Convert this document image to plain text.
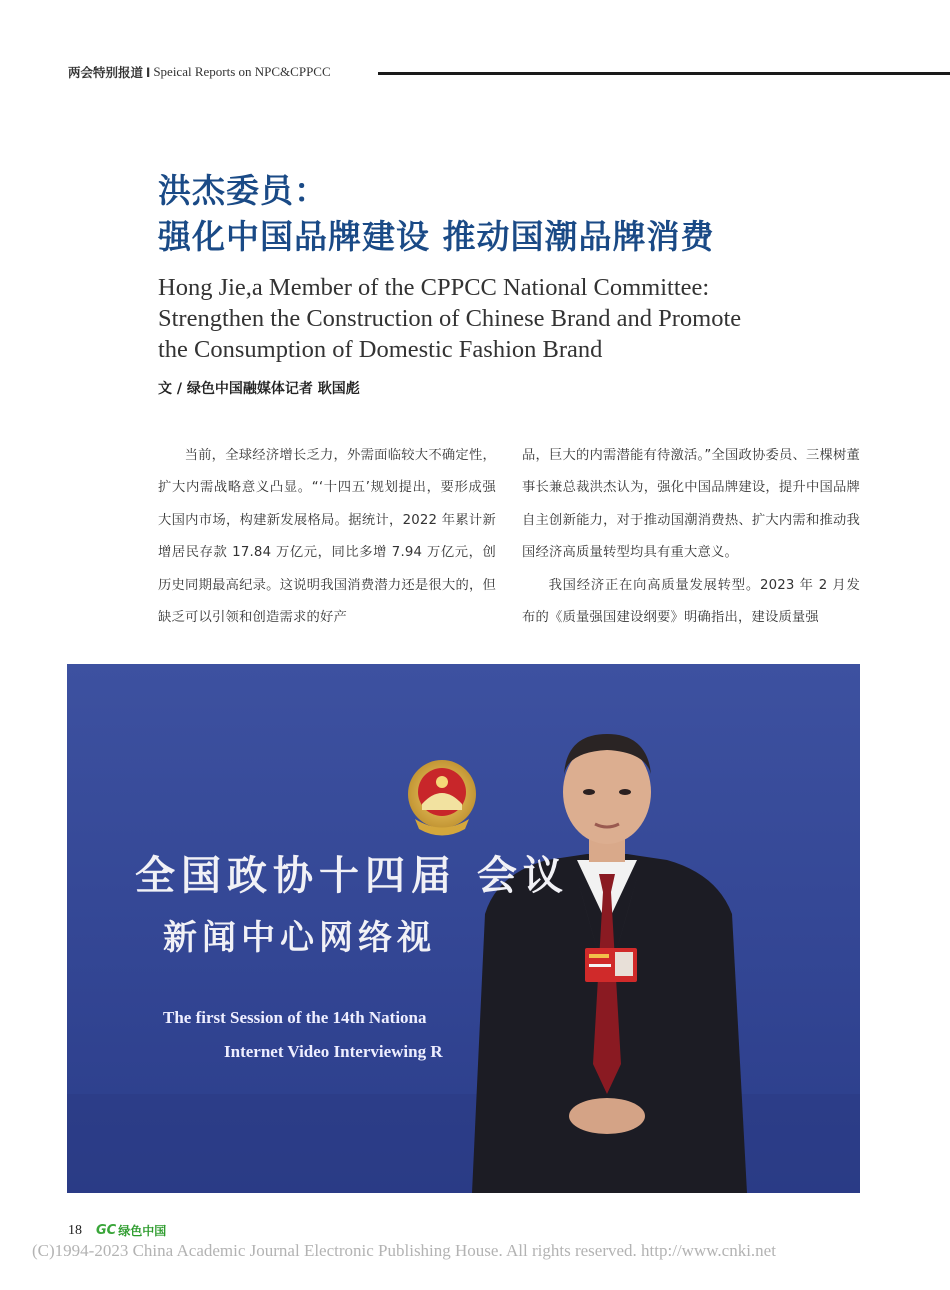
两会特别报道 l Speical Reports on NPC&CPPCC
洪杰委员：
强化中国品牌建设 推动国潮品牌消费
Hong Jie,a Member of the CPPCC National Committee:
Strengthen the Construction of Chinese Brand and Promote
the Consumption of Domestic Fashion Brand
文 / 绿色中国融媒体记者 耿国彪

当前，全球经济增长乏力，外需面临较大不确定性，扩大内需战略意义凸显。“‘十四五’规划提出，要形成强大国内市场，构建新发展格局。据统计，2022 年累计新增居民存款 17.84 万亿元，同比多增 7.94 万亿元，创历史同期最高纪录。这说明我国消费潜力还是很大的，但缺乏可以引领和创造需求的好产

品，巨大的内需潜能有待激活。”全国政协委员、三棵树董事长兼总裁洪杰认为，强化中国品牌建设，提升中国品牌自主创新能力，对于推动国潮消费热、扩大内需和推动我国经济高质量转型均具有重大意义。

我国经济正在向高质量发展转型。2023 年 2 月发布的《质量强国建设纲要》明确指出，建设质量强

全国政协十四届 会议
新闻中心网络视
The first Session of the 14th Nationa
Internet Video Interviewing R
18 GC 绿色中国
(C)1994-2023 China Academic Journal Electronic Publishing House. All rights reserved. http://www.cnki.net
